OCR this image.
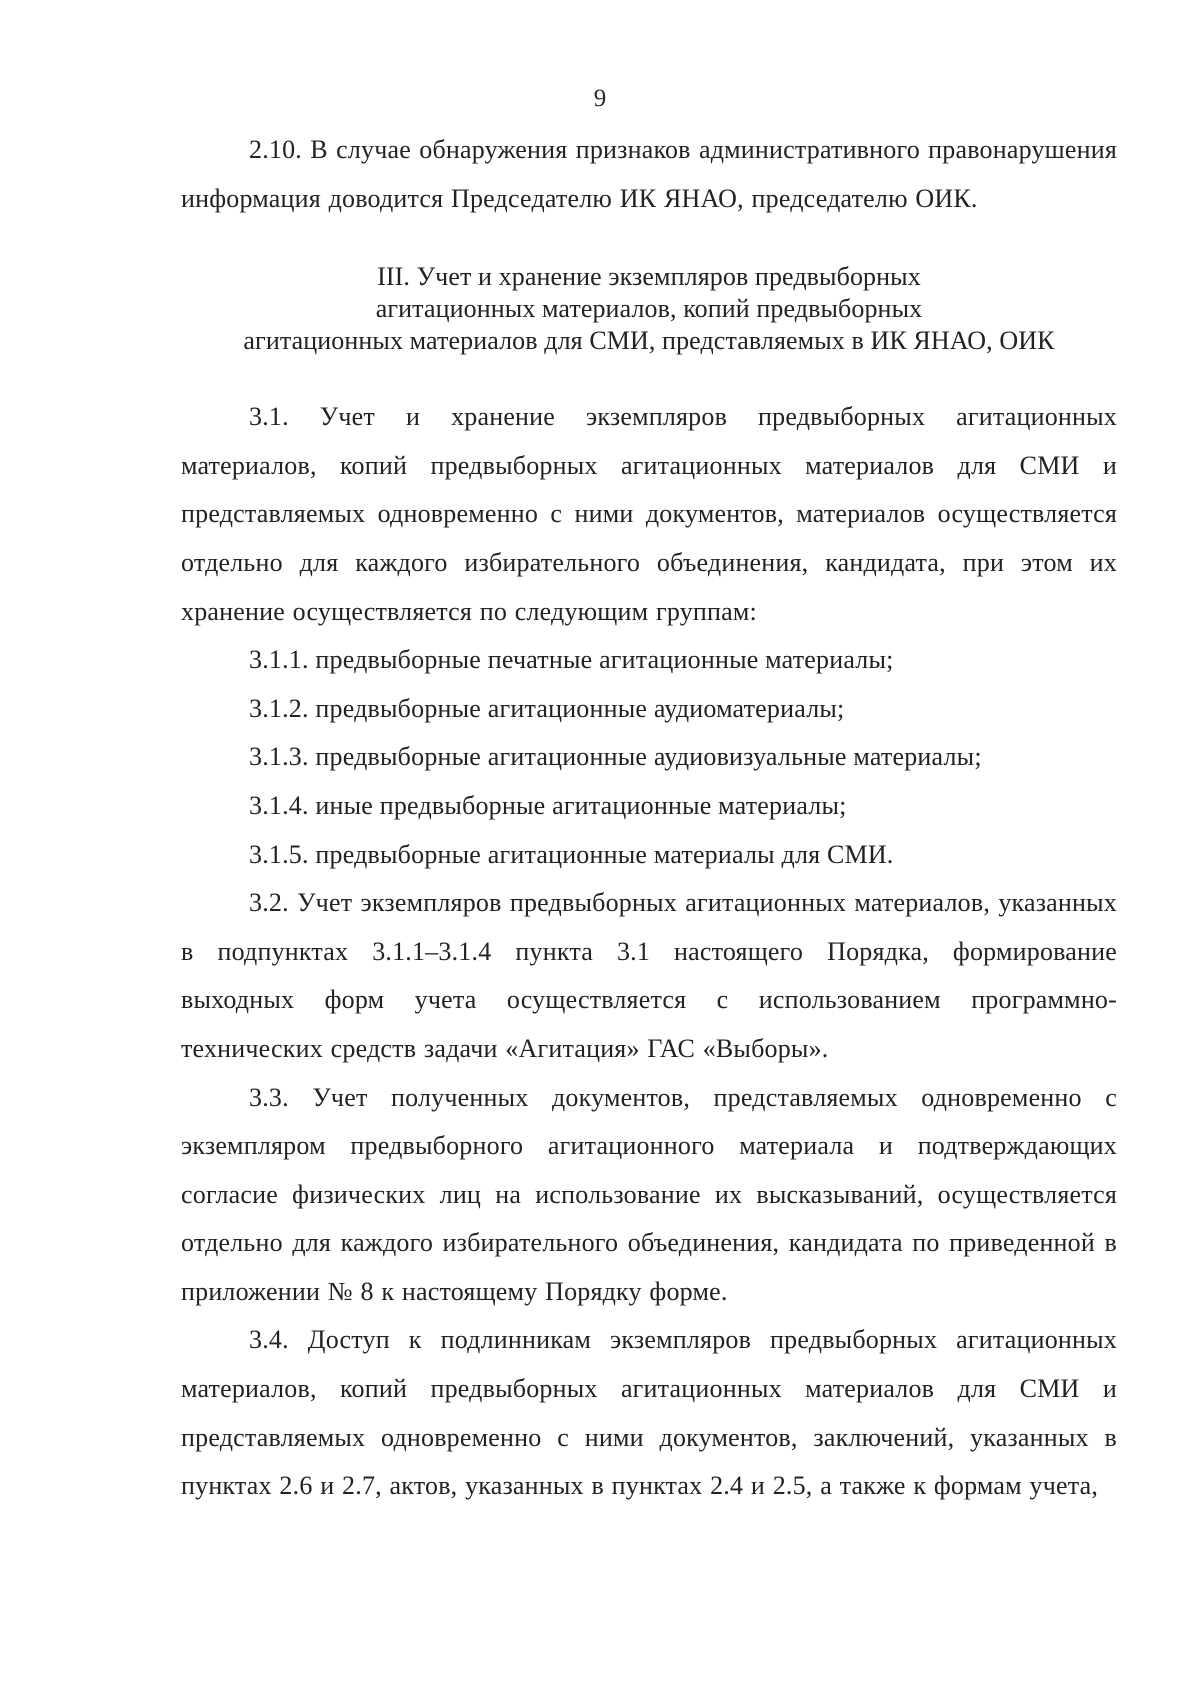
9

2.10. В случае обнаружения признаков административного правонарушения информация доводится Председателю ИК ЯНАО, председателю ОИК.

III. Учет и хранение экземпляров предвыборных
агитационных материалов, копий предвыборных
агитационных материалов для СМИ, представляемых в ИК ЯНАО, ОИК

3.1. Учет и хранение экземпляров предвыборных агитационных материалов, копий предвыборных агитационных материалов для СМИ и представляемых одновременно с ними документов, материалов осуществляется отдельно для каждого избирательного объединения, кандидата, при этом их хранение осуществляется по следующим группам:

3.1.1. предвыборные печатные агитационные материалы;

3.1.2. предвыборные агитационные аудиоматериалы;

3.1.3. предвыборные агитационные аудиовизуальные материалы;

3.1.4. иные предвыборные агитационные материалы;

3.1.5. предвыборные агитационные материалы для СМИ.

3.2. Учет экземпляров предвыборных агитационных материалов, указанных в подпунктах 3.1.1–3.1.4 пункта 3.1 настоящего Порядка, формирование выходных форм учета осуществляется с использованием программно-технических средств задачи «Агитация» ГАС «Выборы».

3.3. Учет полученных документов, представляемых одновременно с экземпляром предвыборного агитационного материала и подтверждающих согласие физических лиц на использование их высказываний, осуществляется отдельно для каждого избирательного объединения, кандидата по приведенной в приложении № 8 к настоящему Порядку форме.

3.4. Доступ к подлинникам экземпляров предвыборных агитационных материалов, копий предвыборных агитационных материалов для СМИ и представляемых одновременно с ними документов, заключений, указанных в пунктах 2.6 и 2.7, актов, указанных в пунктах 2.4 и 2.5, а также к формам учета,
